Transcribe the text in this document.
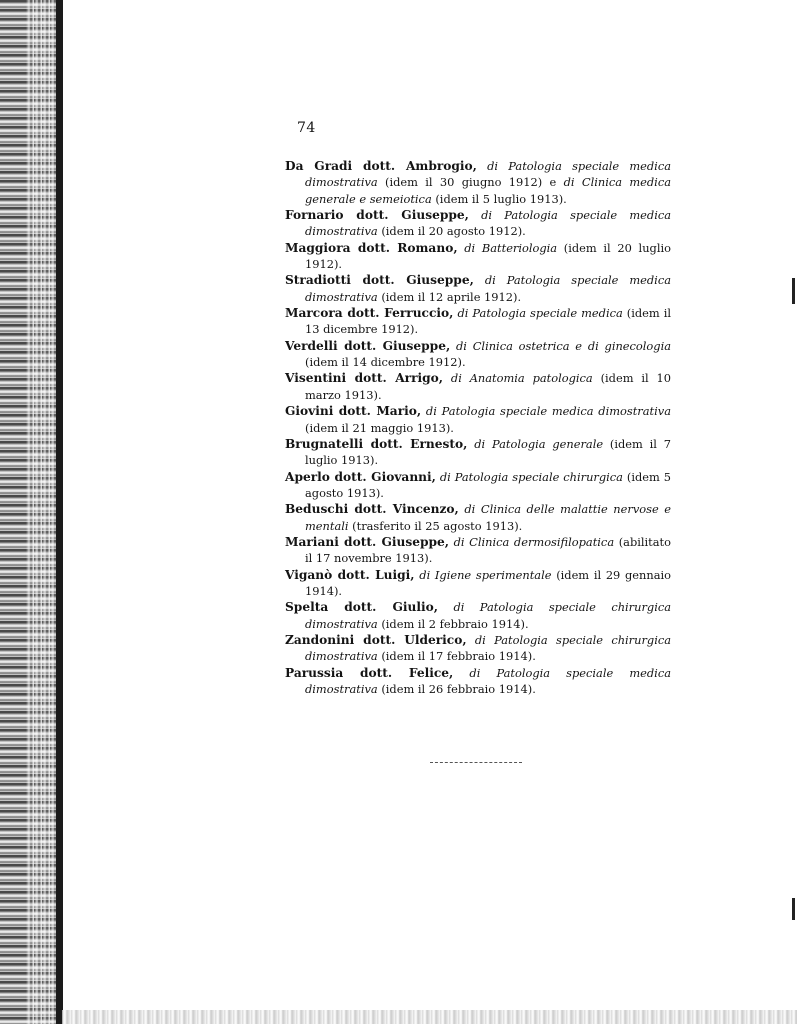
74

Da Gradi dott. Ambrogio, di Patologia speciale medica dimostrativa (idem il 30 giugno 1912) e di Clinica medica generale e semeiotica (idem il 5 luglio 1913).

Fornario dott. Giuseppe, di Patologia speciale medica dimostrativa (idem il 20 agosto 1912).

Maggiora dott. Romano, di Batteriologia (idem il 20 luglio 1912).

Stradiotti dott. Giuseppe, di Patologia speciale medica dimostrativa (idem il 12 aprile 1912).

Marcora dott. Ferruccio, di Patologia speciale medica (idem il 13 dicembre 1912).

Verdelli dott. Giuseppe, di Clinica ostetrica e di ginecologia (idem il 14 dicembre 1912).

Visentini dott. Arrigo, di Anatomia patologica (idem il 10 marzo 1913).

Giovini dott. Mario, di Patologia speciale medica dimostrativa (idem il 21 maggio 1913).

Brugnatelli dott. Ernesto, di Patologia generale (idem il 7 luglio 1913).

Aperlo dott. Giovanni, di Patologia speciale chirurgica (idem 5 agosto 1913).

Beduschi dott. Vincenzo, di Clinica delle malattie nervose e mentali (trasferito il 25 agosto 1913).

Mariani dott. Giuseppe, di Clinica dermosifilopatica (abilitato il 17 novembre 1913).

Viganò dott. Luigi, di Igiene sperimentale (idem il 29 gennaio 1914).

Spelta dott. Giulio, di Patologia speciale chirurgica dimostrativa (idem il 2 febbraio 1914).

Zandonini dott. Ulderico, di Patologia speciale chirurgica dimostrativa (idem il 17 febbraio 1914).

Parussia dott. Felice, di Patologia speciale medica dimostrativa (idem il 26 febbraio 1914).
